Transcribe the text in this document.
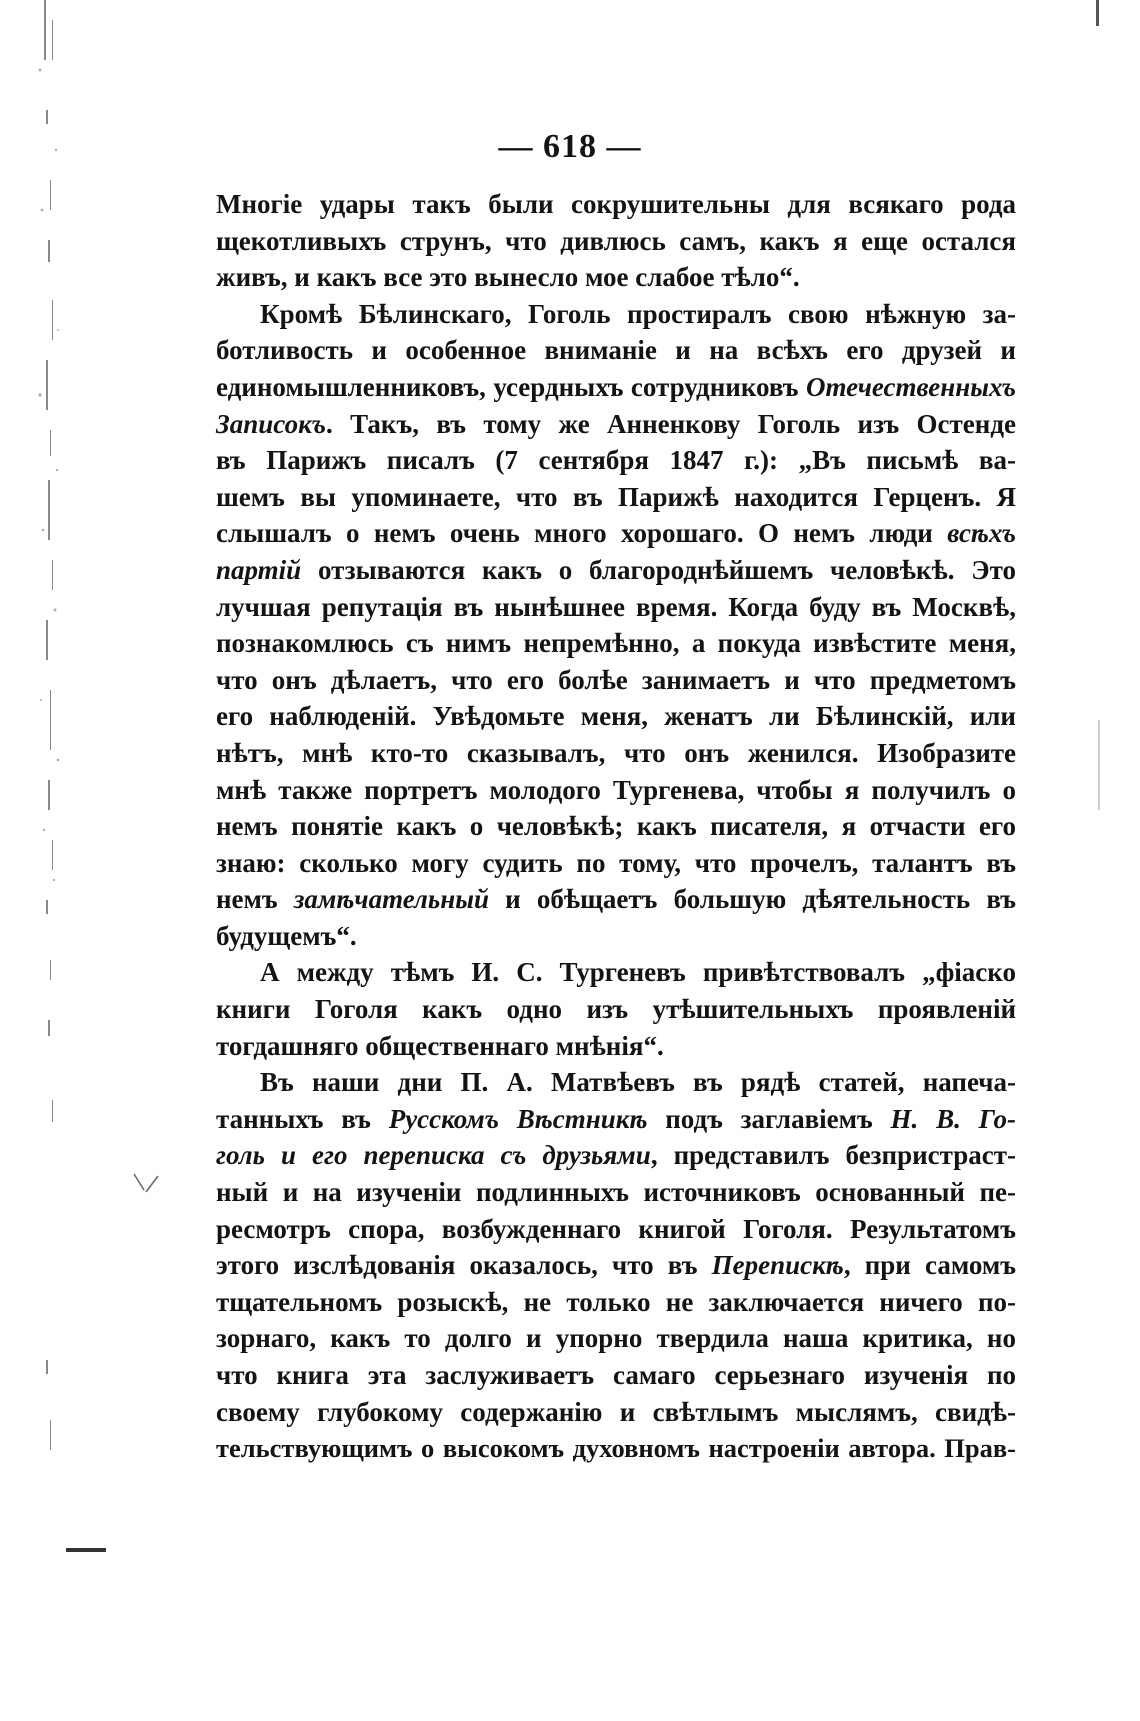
— 618 —
Многіе удары такъ были сокрушительны для всякаго рода
щекотливыхъ струнъ, что дивлюсь самъ, какъ я еще остался
живъ, и какъ все это вынесло мое слабое тѣло“.
Кромѣ Бѣлинскаго, Гоголь простиралъ свою нѣжную за-
ботливость и особенное вниманіе и на всѣхъ его друзей и
единомышленниковъ, усердныхъ сотрудниковъ Отечественныхъ
Записокъ. Такъ, въ тому же Анненкову Гоголь изъ Остенде
въ Парижъ писалъ (7 сентября 1847 г.): „Въ письмѣ ва-
шемъ вы упоминаете, что въ Парижѣ находится Герценъ. Я
слышалъ о немъ очень много хорошаго. О немъ люди всѣхъ
партій отзываются какъ о благороднѣйшемъ человѣкѣ. Это
лучшая репутація въ нынѣшнее время. Когда буду въ Москвѣ,
познакомлюсь съ нимъ непремѣнно, а покуда извѣстите меня,
что онъ дѣлаетъ, что его болѣе занимаетъ и что предметомъ
его наблюденій. Увѣдомьте меня, женатъ ли Бѣлинскій, или
нѣтъ, мнѣ кто-то сказывалъ, что онъ женился. Изобразите
мнѣ также портретъ молодого Тургенева, чтобы я получилъ о
немъ понятіе какъ о человѣкѣ; какъ писателя, я отчасти его
знаю: сколько могу судить по тому, что прочелъ, талантъ въ
немъ замѣчательный и обѣщаетъ большую дѣятельность въ
будущемъ“.
А между тѣмъ И. С. Тургеневъ привѣтствовалъ „фіаско
книги Гоголя какъ одно изъ утѣшительныхъ проявленій
тогдашняго общественнаго мнѣнія“.
Въ наши дни П. А. Матвѣевъ въ рядѣ статей, напеча-
танныхъ въ Русскомъ Вѣстникѣ подъ заглавіемъ Н. В. Го-
голь и его переписка съ друзьями, представилъ безпристраст-
ный и на изученіи подлинныхъ источниковъ основанный пе-
ресмотръ спора, возбужденнаго книгой Гоголя. Результатомъ
этого изслѣдованія оказалось, что въ Перепискѣ, при самомъ
тщательномъ розыскѣ, не только не заключается ничего по-
зорнаго, какъ то долго и упорно твердила наша критика, но
что книга эта заслуживаетъ самаго серьезнаго изученія по
своему глубокому содержанію и свѣтлымъ мыслямъ, свидѣ-
тельствующимъ о высокомъ духовномъ настроеніи автора. Прав-
